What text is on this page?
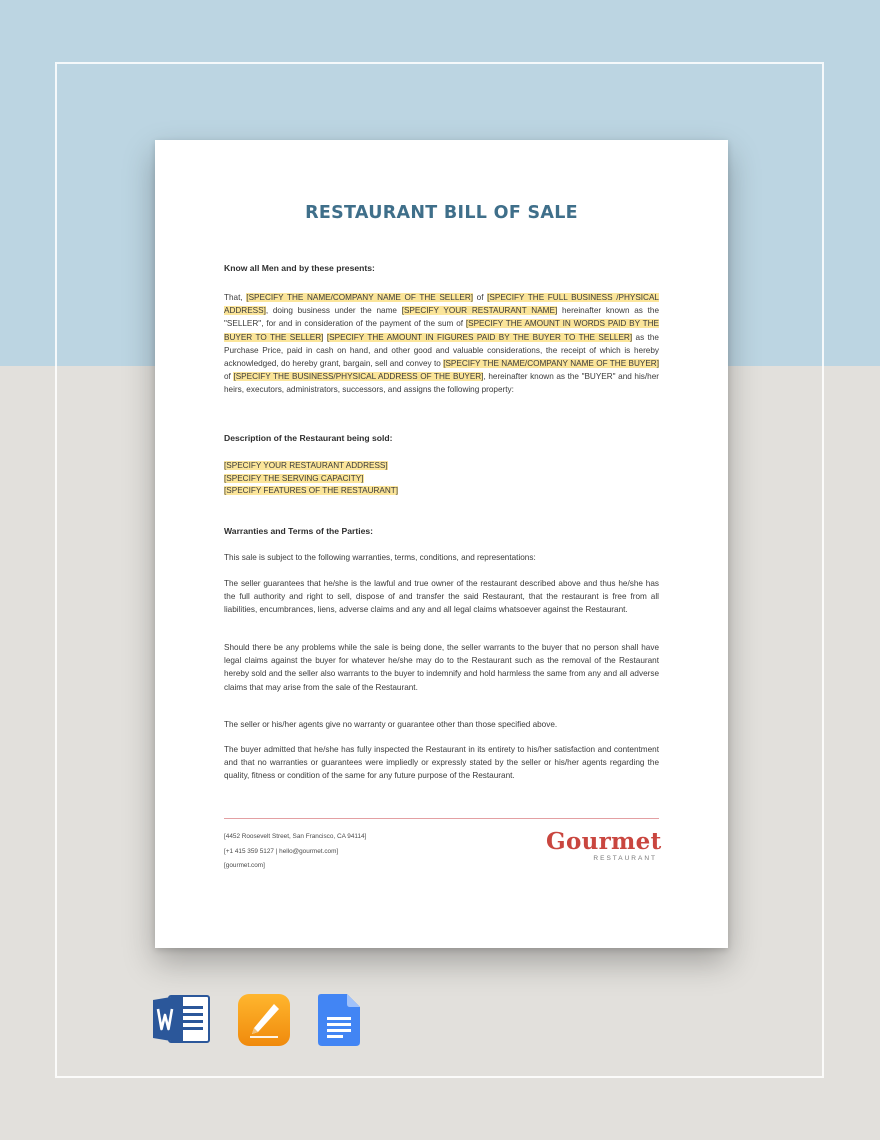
RESTAURANT BILL OF SALE

Know all Men and by these presents:

That, [SPECIFY THE NAME/COMPANY NAME OF THE SELLER] of [SPECIFY THE FULL BUSINESS /PHYSICAL ADDRESS], doing business under the name [SPECIFY YOUR RESTAURANT NAME] hereinafter known as the "SELLER", for and in consideration of the payment of the sum of [SPECIFY THE AMOUNT IN WORDS PAID BY THE BUYER TO THE SELLER] [SPECIFY THE AMOUNT IN FIGURES PAID BY THE BUYER TO THE SELLER] as the Purchase Price, paid in cash on hand, and other good and valuable considerations, the receipt of which is hereby acknowledged, do hereby grant, bargain, sell and convey to [SPECIFY THE NAME/COMPANY NAME OF THE BUYER] of [SPECIFY THE BUSINESS/PHYSICAL ADDRESS OF THE BUYER], hereinafter known as the "BUYER" and his/her heirs, executors, administrators, successors, and assigns the following property:

Description of the Restaurant being sold:

[SPECIFY YOUR RESTAURANT ADDRESS]
[SPECIFY THE SERVING CAPACITY]
[SPECIFY FEATURES OF THE RESTAURANT]

Warranties and Terms of the Parties:

This sale is subject to the following warranties, terms, conditions, and representations:

The seller guarantees that he/she is the lawful and true owner of the restaurant described above and thus he/she has the full authority and right to sell, dispose of and transfer the said Restaurant, that the restaurant is free from all liabilities, encumbrances, liens, adverse claims and any and all legal claims whatsoever against the Restaurant.

Should there be any problems while the sale is being done, the seller warrants to the buyer that no person shall have legal claims against the buyer for whatever he/she may do to the Restaurant such as the removal of the Restaurant hereby sold and the seller also warrants to the buyer to indemnify and hold harmless the same from any and all adverse claims that may arise from the sale of the Restaurant.

The seller or his/her agents give no warranty or guarantee other than those specified above.

The buyer admitted that he/she has fully inspected the Restaurant in its entirety to his/her satisfaction and contentment and that no warranties or guarantees were impliedly or expressly stated by the seller or his/her agents regarding the quality, fitness or condition of the same for any future purpose of the Restaurant.

[4452 Roosevelt Street, San Francisco, CA 94114]
[+1 415 359 5127 | hello@gourmet.com]
[gourmet.com]
Gourmet
RESTAURANT
